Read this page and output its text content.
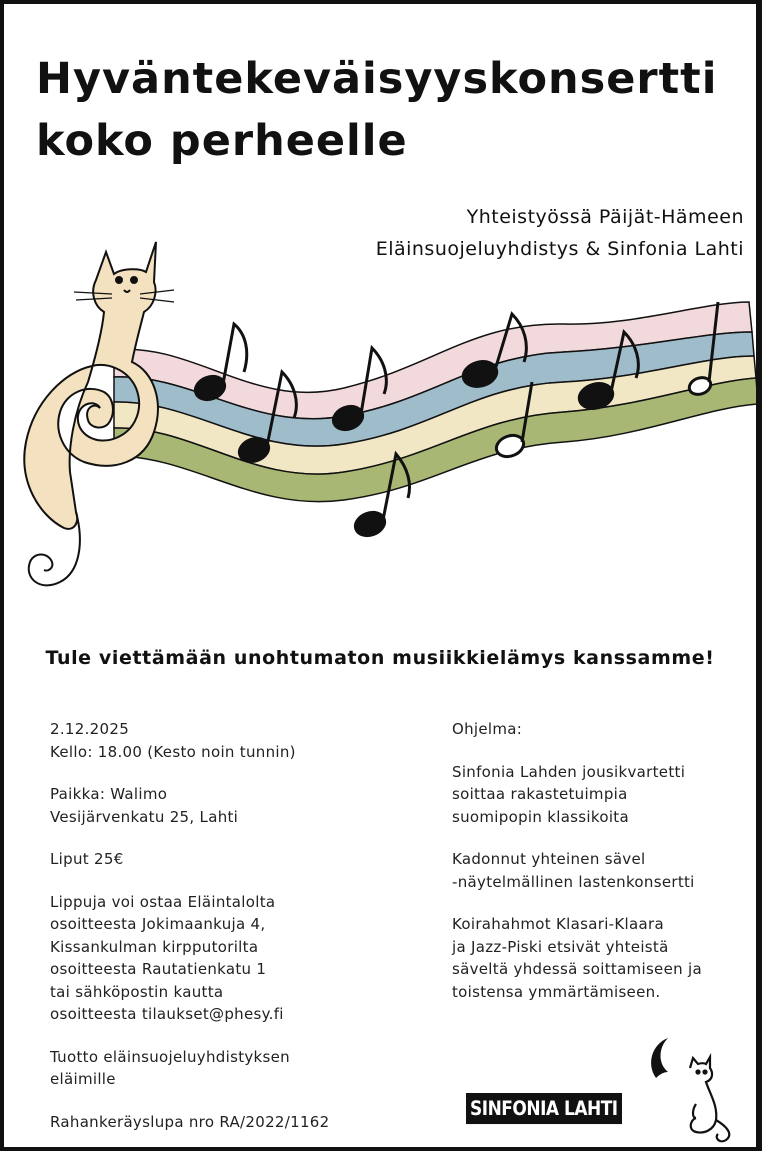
Hyväntekeväisyyskonsertti
koko perheelle
Yhteistyössä Päijät-Hämeen
Eläinsuojeluyhdistys & Sinfonia Lahti
Tule viettämään unohtumaton musiikkielämys kanssamme!
2.12.2025
Kello: 18.00 (Kesto noin tunnin)
Paikka: Walimo
Vesijärvenkatu 25, Lahti
Liput 25€
Lippuja voi ostaa Eläintalolta
osoitteesta Jokimaankuja 4,
Kissankulman kirpputorilta
osoitteesta Rautatienkatu 1
tai sähköpostin kautta
osoitteesta tilaukset@phesy.fi
Tuotto eläinsuojeluyhdistyksen
eläimille
Rahankeräyslupa nro RA/2022/1162
Ohjelma:
Sinfonia Lahden jousikvartetti
soittaa rakastetuimpia
suomipopin klassikoita
Kadonnut yhteinen sävel
-näytelmällinen lastenkonsertti
Koirahahmot Klasari-Klaara
ja Jazz-Piski etsivät yhteistä
säveltä yhdessä soittamiseen ja
toistensa ymmärtämiseen.
SINFONIA LAHTI
